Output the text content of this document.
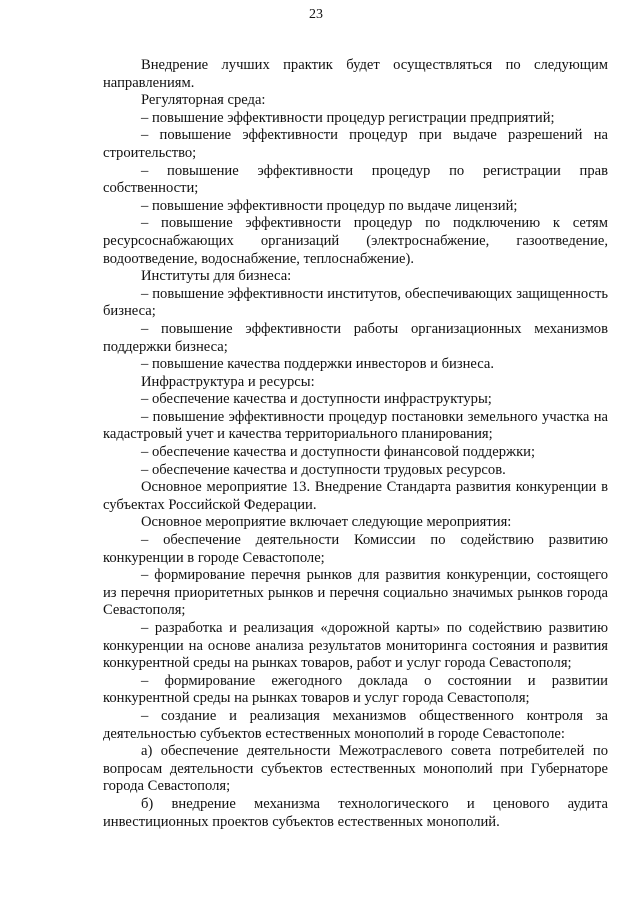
23

Внедрение лучших практик будет осуществляться по следующим направлениям.

Регуляторная среда:

– повышение эффективности процедур регистрации предприятий;

– повышение эффективности процедур при выдаче разрешений на строительство;

– повышение эффективности процедур по регистрации прав собственности;

– повышение эффективности процедур по выдаче лицензий;

– повышение эффективности процедур по подключению к сетям ресурсоснабжающих организаций (электроснабжение, газоотведение, водоотведение, водоснабжение, теплоснабжение).

Институты для бизнеса:

– повышение эффективности институтов, обеспечивающих защищенность бизнеса;

– повышение эффективности работы организационных механизмов поддержки бизнеса;

– повышение качества поддержки инвесторов и бизнеса.

Инфраструктура и ресурсы:

– обеспечение качества и доступности инфраструктуры;

– повышение эффективности процедур постановки земельного участка на кадастровый учет и качества территориального планирования;

– обеспечение качества и доступности финансовой поддержки;

– обеспечение качества и доступности трудовых ресурсов.

Основное мероприятие 13. Внедрение Стандарта развития конкуренции в субъектах Российской Федерации.

Основное мероприятие включает следующие мероприятия:

– обеспечение деятельности Комиссии по содействию развитию конкуренции в городе Севастополе;

– формирование перечня рынков для развития конкуренции, состоящего из перечня приоритетных рынков и перечня социально значимых рынков города Севастополя;

– разработка и реализация «дорожной карты» по содействию развитию конкуренции на основе анализа результатов мониторинга состояния и развития конкурентной среды на рынках товаров, работ и услуг города Севастополя;

– формирование ежегодного доклада о состоянии и развитии конкурентной среды на рынках товаров и услуг города Севастополя;

– создание и реализация механизмов общественного контроля за деятельностью субъектов естественных монополий в городе Севастополе:

а) обеспечение деятельности Межотраслевого совета потребителей по вопросам деятельности субъектов естественных монополий при Губернаторе города Севастополя;

б) внедрение механизма технологического и ценового аудита инвестиционных проектов субъектов естественных монополий.
